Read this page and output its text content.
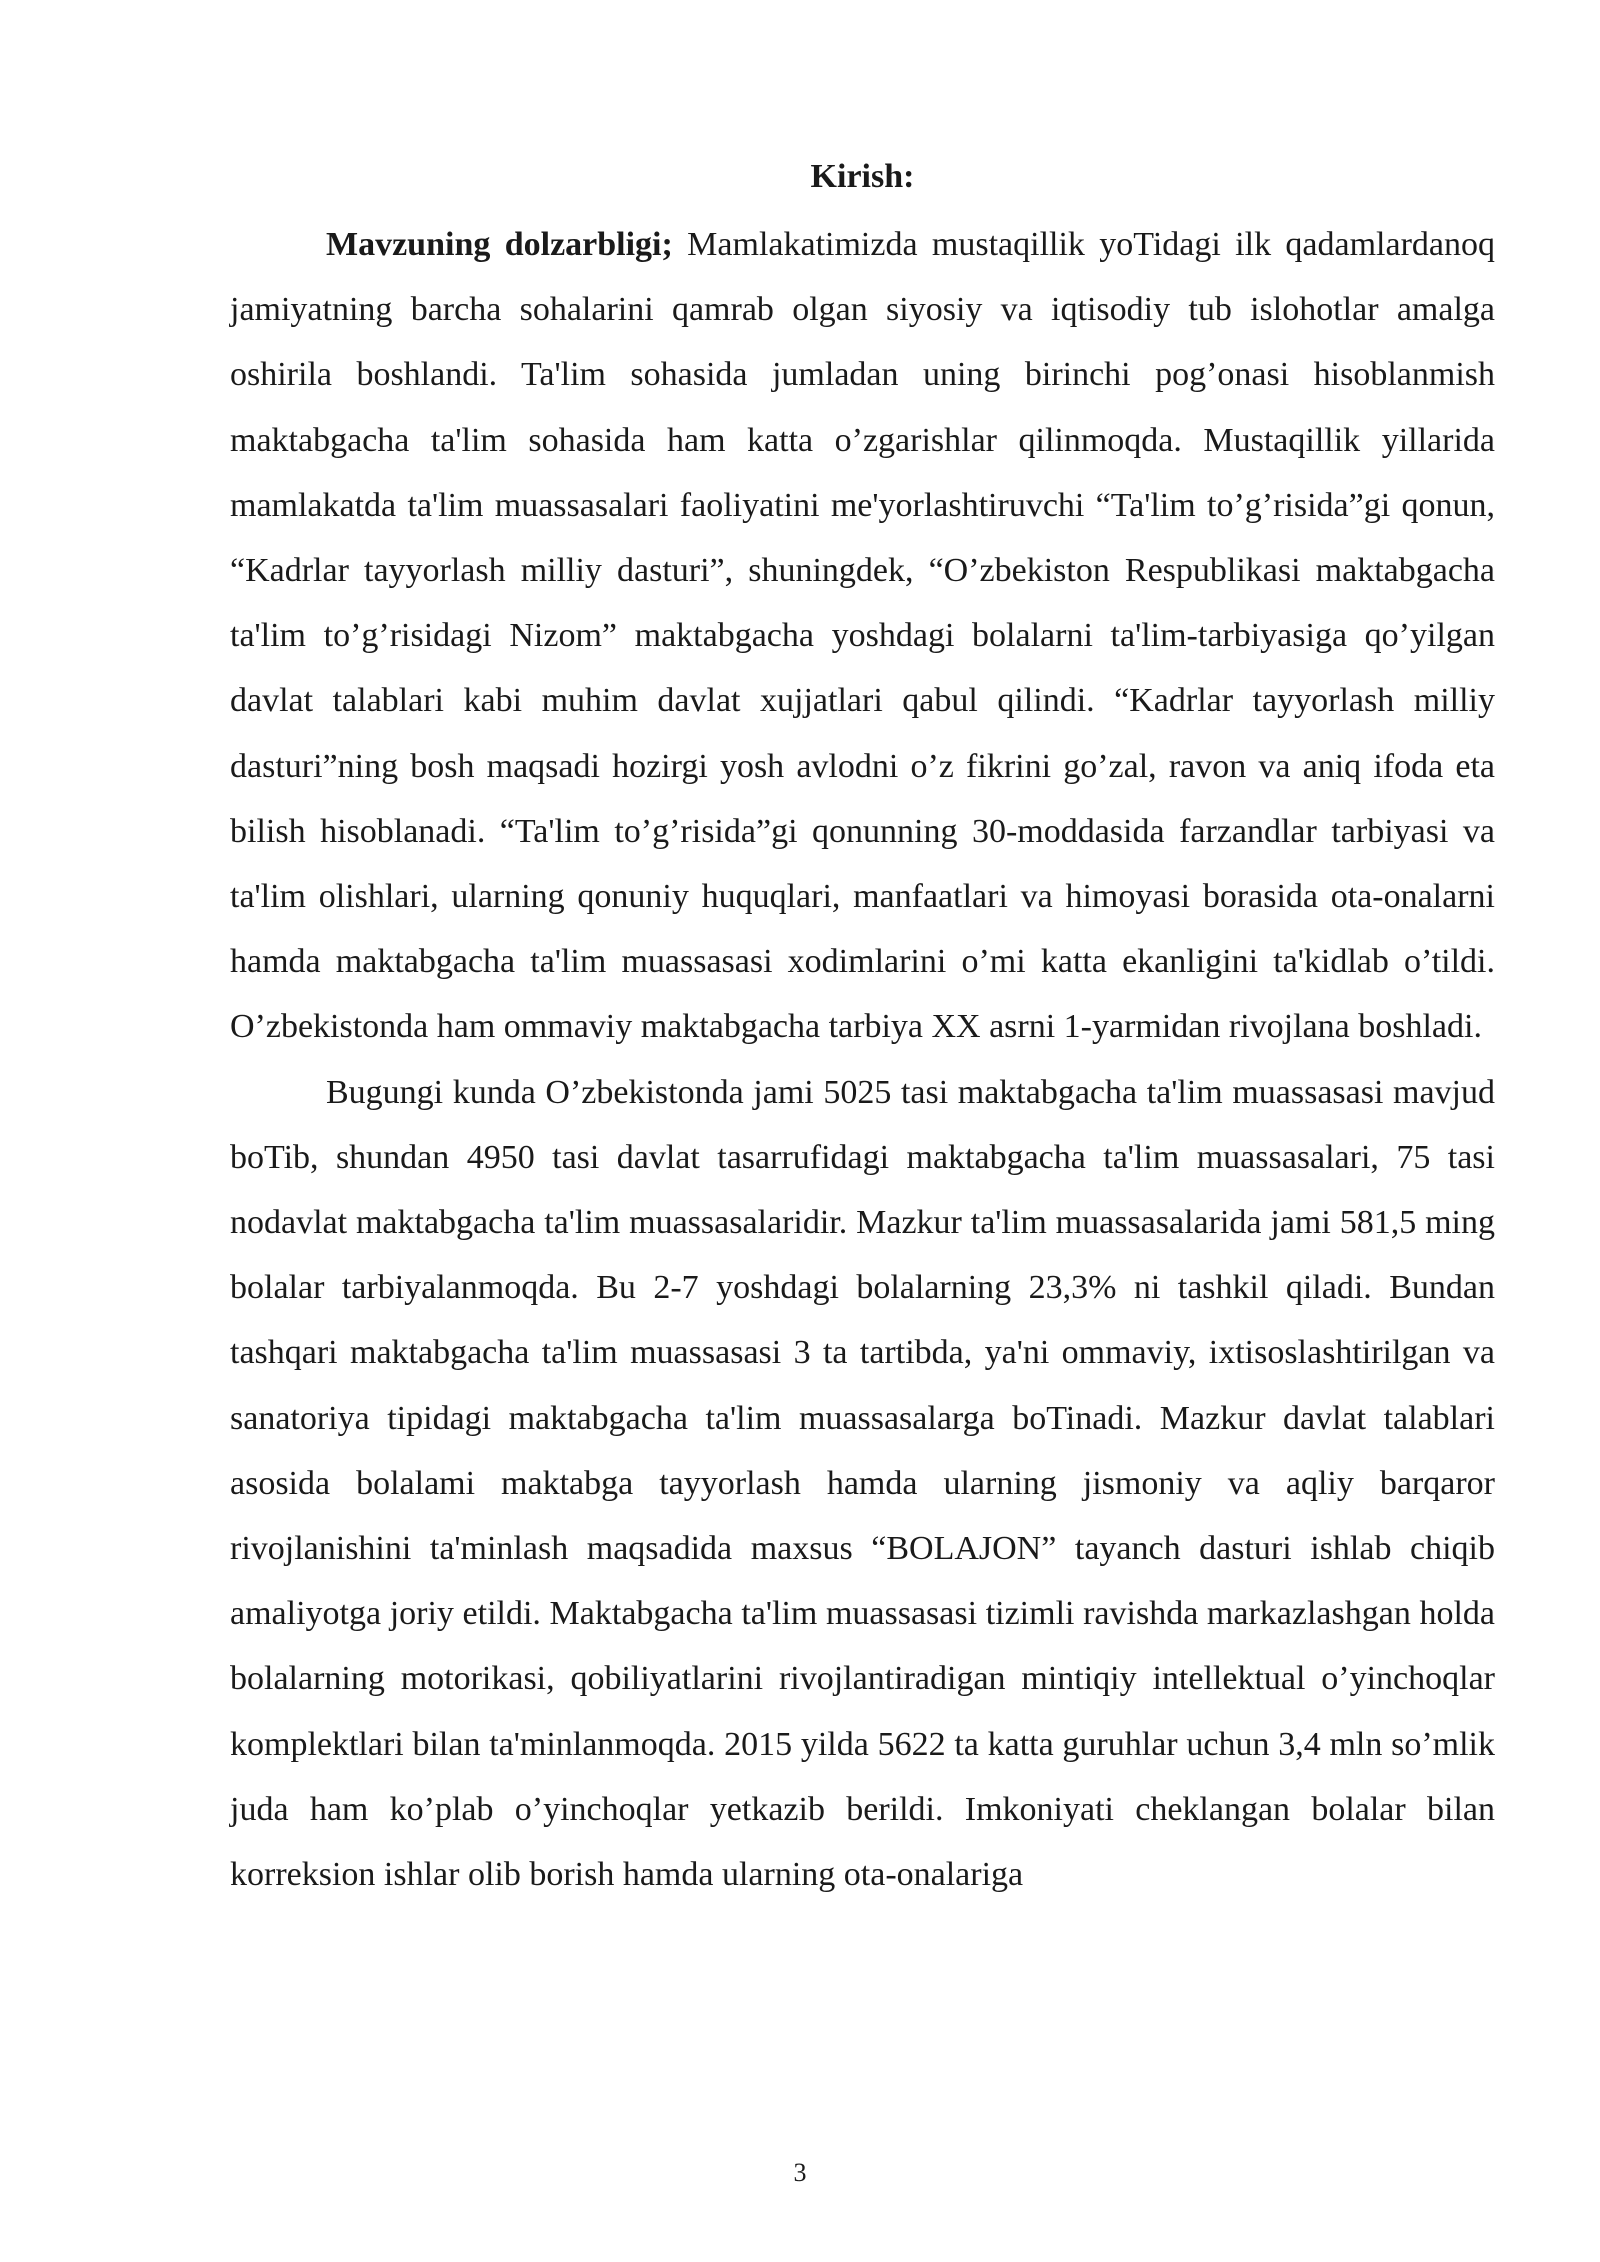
Kirish:

Mavzuning dolzarbligi; Mamlakatimizda mustaqillik yoTidagi ilk qadamlardanoq jamiyatning barcha sohalarini qamrab olgan siyosiy va iqtisodiy tub islohotlar amalga oshirila boshlandi. Ta'lim sohasida jumladan uning birinchi pog’onasi hisoblanmish maktabgacha ta'lim sohasida ham katta o’zgarishlar qilinmoqda. Mustaqillik yillarida mamlakatda ta'lim muassasalari faoliyatini me'yorlashtiruvchi “Ta'lim to’g’risida”gi qonun, “Kadrlar tayyorlash milliy dasturi”, shuningdek, “O’zbekiston Respublikasi maktabgacha ta'lim to’g’risidagi Nizom” maktabgacha yoshdagi bolalarni ta'lim-tarbiyasiga qo’yilgan davlat talablari kabi muhim davlat xujjatlari qabul qilindi. “Kadrlar tayyorlash milliy dasturi”ning bosh maqsadi hozirgi yosh avlodni o’z fikrini go’zal, ravon va aniq ifoda eta bilish hisoblanadi. “Ta'lim to’g’risida”gi qonunning 30-moddasida farzandlar tarbiyasi va ta'lim olishlari, ularning qonuniy huquqlari, manfaatlari va himoyasi borasida ota-onalarni hamda maktabgacha ta'lim muassasasi xodimlarini o’mi katta ekanligini ta'kidlab o’tildi. O’zbekistonda ham ommaviy maktabgacha tarbiya XX asrni 1-yarmidan rivojlana boshladi.

Bugungi kunda O’zbekistonda jami 5025 tasi maktabgacha ta'lim muassasasi mavjud boTib, shundan 4950 tasi davlat tasarrufidagi maktabgacha ta'lim muassasalari, 75 tasi nodavlat maktabgacha ta'lim muassasalaridir. Mazkur ta'lim muassasalarida jami 581,5 ming bolalar tarbiyalanmoqda. Bu 2-7 yoshdagi bolalarning 23,3% ni tashkil qiladi. Bundan tashqari maktabgacha ta'lim muassasasi 3 ta tartibda, ya'ni ommaviy, ixtisoslashtirilgan va sanatoriya tipidagi maktabgacha ta'lim muassasalarga boTinadi. Mazkur davlat talablari asosida bolalami maktabga tayyorlash hamda ularning jismoniy va aqliy barqaror rivojlanishini ta'minlash maqsadida maxsus “BOLAJON” tayanch dasturi ishlab chiqib amaliyotga joriy etildi. Maktabgacha ta'lim muassasasi tizimli ravishda markazlashgan holda bolalarning motorikasi, qobiliyatlarini rivojlantiradigan mintiqiy intellektual o’yinchoqlar komplektlari bilan ta'minlanmoqda. 2015 yilda 5622 ta katta guruhlar uchun 3,4 mln so’mlik juda ham ko’plab o’yinchoqlar yetkazib berildi. Imkoniyati cheklangan bolalar bilan korreksion ishlar olib borish hamda ularning ota-onalariga

3
